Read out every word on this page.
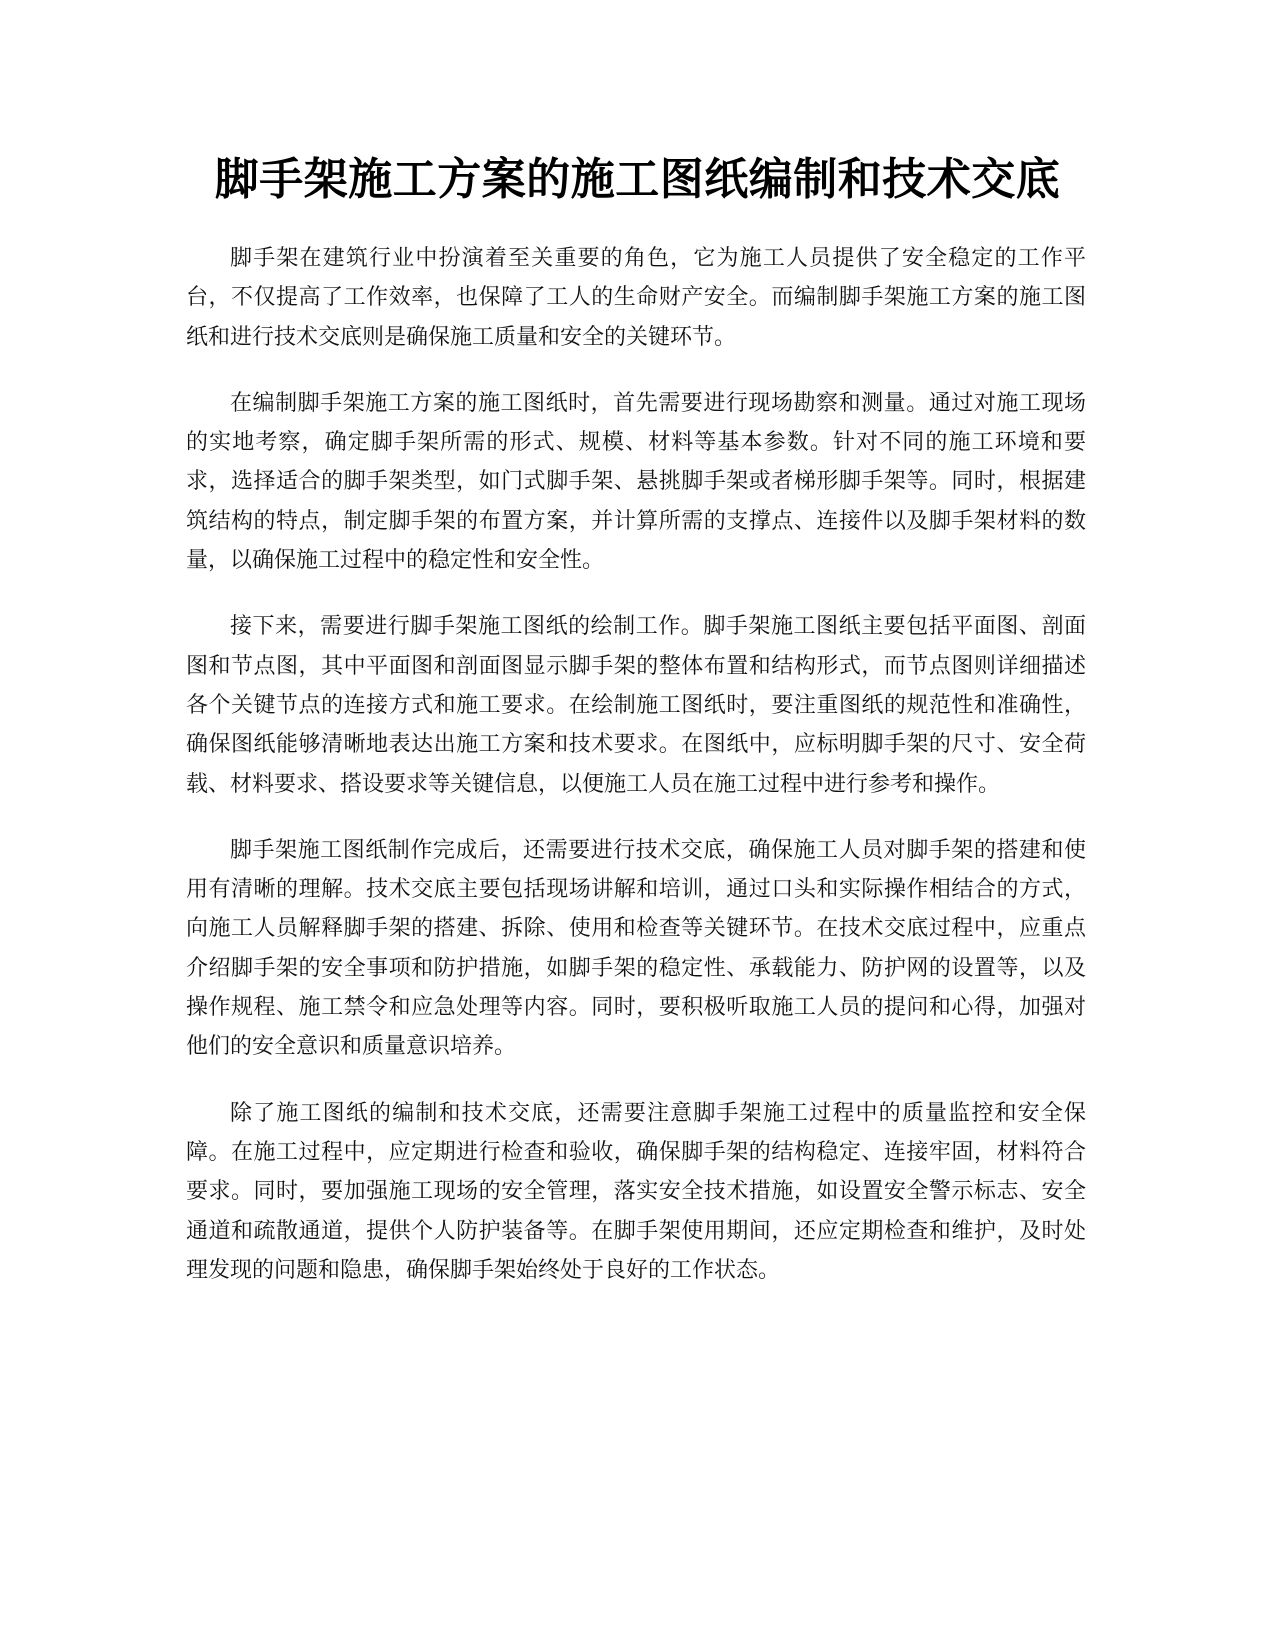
脚手架施工方案的施工图纸编制和技术交底

脚手架在建筑行业中扮演着至关重要的角色，它为施工人员提供了安全稳定的工作平台，不仅提高了工作效率，也保障了工人的生命财产安全。而编制脚手架施工方案的施工图纸和进行技术交底则是确保施工质量和安全的关键环节。

在编制脚手架施工方案的施工图纸时，首先需要进行现场勘察和测量。通过对施工现场的实地考察，确定脚手架所需的形式、规模、材料等基本参数。针对不同的施工环境和要求，选择适合的脚手架类型，如门式脚手架、悬挑脚手架或者梯形脚手架等。同时，根据建筑结构的特点，制定脚手架的布置方案，并计算所需的支撑点、连接件以及脚手架材料的数量，以确保施工过程中的稳定性和安全性。

接下来，需要进行脚手架施工图纸的绘制工作。脚手架施工图纸主要包括平面图、剖面图和节点图，其中平面图和剖面图显示脚手架的整体布置和结构形式，而节点图则详细描述各个关键节点的连接方式和施工要求。在绘制施工图纸时，要注重图纸的规范性和准确性，确保图纸能够清晰地表达出施工方案和技术要求。在图纸中，应标明脚手架的尺寸、安全荷载、材料要求、搭设要求等关键信息，以便施工人员在施工过程中进行参考和操作。

脚手架施工图纸制作完成后，还需要进行技术交底，确保施工人员对脚手架的搭建和使用有清晰的理解。技术交底主要包括现场讲解和培训，通过口头和实际操作相结合的方式，向施工人员解释脚手架的搭建、拆除、使用和检查等关键环节。在技术交底过程中，应重点介绍脚手架的安全事项和防护措施，如脚手架的稳定性、承载能力、防护网的设置等，以及操作规程、施工禁令和应急处理等内容。同时，要积极听取施工人员的提问和心得，加强对他们的安全意识和质量意识培养。

除了施工图纸的编制和技术交底，还需要注意脚手架施工过程中的质量监控和安全保障。在施工过程中，应定期进行检查和验收，确保脚手架的结构稳定、连接牢固，材料符合要求。同时，要加强施工现场的安全管理，落实安全技术措施，如设置安全警示标志、安全通道和疏散通道，提供个人防护装备等。在脚手架使用期间，还应定期检查和维护，及时处理发现的问题和隐患，确保脚手架始终处于良好的工作状态。
